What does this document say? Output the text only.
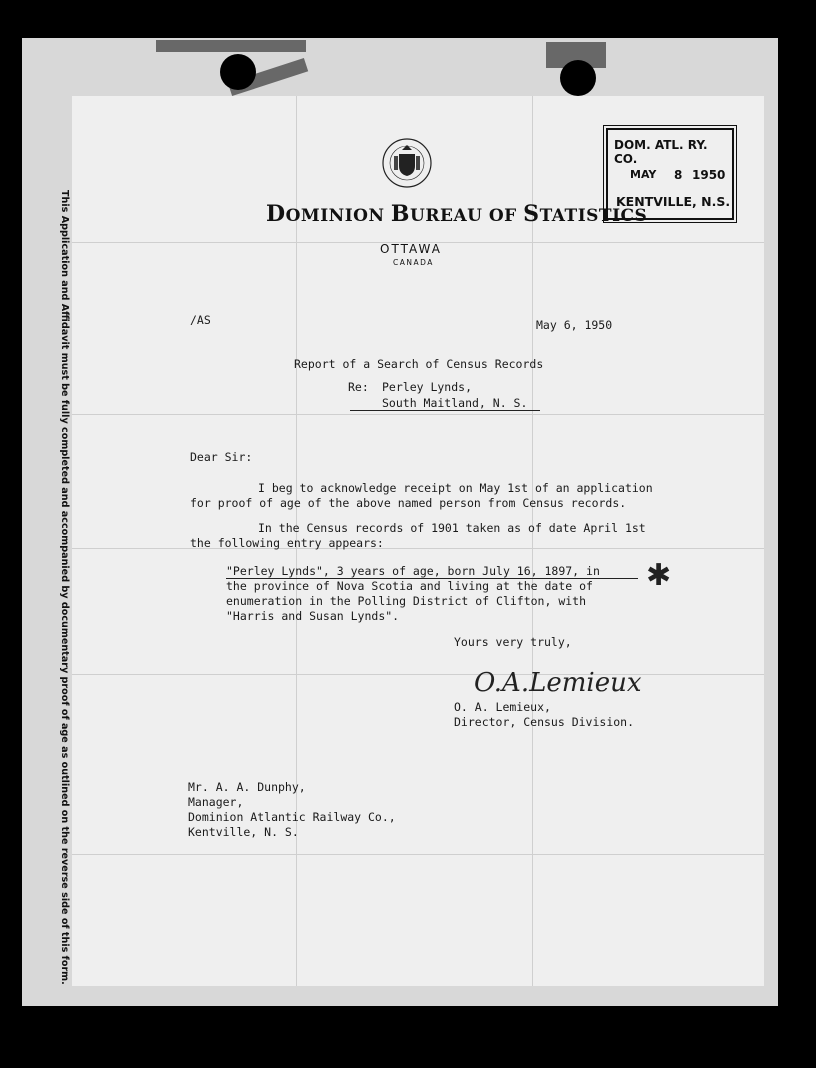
This Application and Affidavit must be fully completed and accompanied by documentary proof of age as outlined on the reverse side of this form.	DOMINION BUREAU OF STATISTICS
OTTAWA
CANADA
DOM. ATL. RY. CO.
MAY 8 1950
KENTVILLE, N.S.
/AS	May 6, 1950
Report of a Search of Census Records
Re: Perley Lynds,
South Maitland, N. S.
Dear Sir:
I beg to acknowledge receipt on May 1st of an application
for proof of age of the above named person from Census records.
In the Census records of 1901 taken as of date April 1st
the following entry appears:
"Perley Lynds", 3 years of age, born July 16, 1897, in ✱
the province of Nova Scotia and living at the date of
enumeration in the Polling District of Clifton, with
"Harris and Susan Lynds".
Yours very truly,
O.A.Lemieux
O. A. Lemieux,
Director, Census Division.
Mr. A. A. Dunphy,
Manager,
Dominion Atlantic Railway Co.,
Kentville, N. S.
